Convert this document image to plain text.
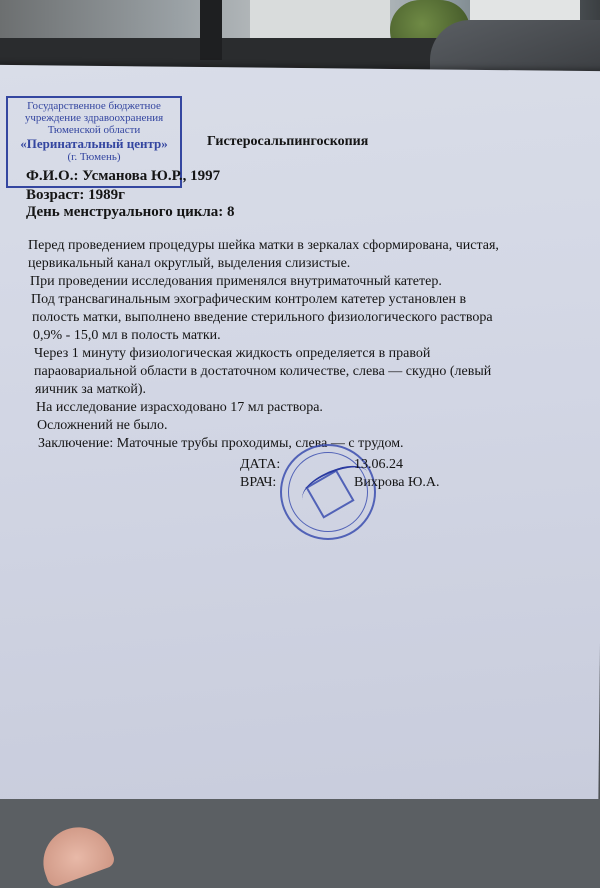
Государственное бюджетное
учреждение здравоохранения
Тюменской области
«Перинатальный центр»
(г. Тюмень)
Гистеросальпингоскопия
Ф.И.О.: Усманова Ю.Р., 1997
Возраст: 1989г
День менструального цикла: 8
Перед проведением процедуры шейка матки в зеркалах сформирована, чистая,
цервикальный канал округлый, выделения слизистые.
При проведении исследования применялся внутриматочный катетер.
Под трансвагинальным эхографическим контролем катетер установлен в
полость матки, выполнено введение стерильного физиологического раствора
0,9% - 15,0 мл в полость матки.
Через 1 минуту физиологическая жидкость определяется в правой
параовариальной области в достаточном количестве, слева — скудно (левый
яичник за маткой).
На исследование израсходовано 17 мл раствора.
Осложнений не было.
Заключение: Маточные трубы проходимы, слева — с трудом.
ДАТА:	13.06.24
ВРАЧ:	Вихрова Ю.А.
